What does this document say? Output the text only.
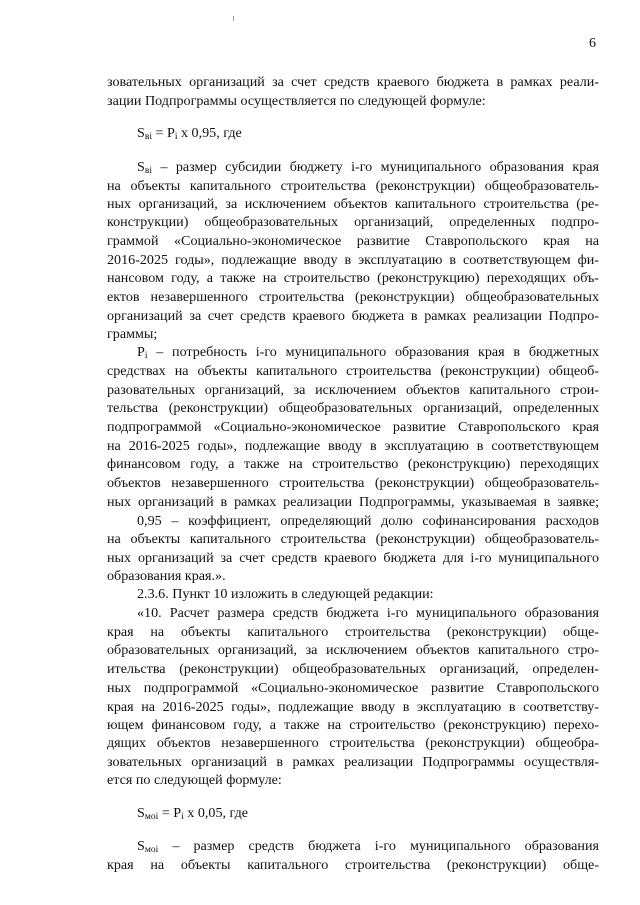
6
зовательных организаций за счет средств краевого бюджета в рамках реали-
зации Подпрограммы осуществляется по следующей формуле:
$S_{вi} = P_i$ x 0,95, где
$S_{вi}$ – размер субсидии бюджету i-го муниципального образования края
на объекты капитального строительства (реконструкции) общеобразователь-
ных организаций, за исключением объектов капитального строительства (ре-
конструкции) общеобразовательных организаций, определенных подпро-
граммой «Социально-экономическое развитие Ставропольского края на
2016-2025 годы», подлежащие вводу в эксплуатацию в соответствующем фи-
нансовом году, а также на строительство (реконструкцию) переходящих объ-
ектов незавершенного строительства (реконструкции) общеобразовательных
организаций за счет средств краевого бюджета в рамках реализации Подпро-
граммы;
$P_i$ – потребность i-го муниципального образования края в бюджетных
средствах на объекты капитального строительства (реконструкции) общеоб-
разовательных организаций, за исключением объектов капитального строи-
тельства (реконструкции) общеобразовательных организаций, определенных
подпрограммой «Социально-экономическое развитие Ставропольского края
на 2016-2025 годы», подлежащие вводу в эксплуатацию в соответствующем
финансовом году, а также на строительство (реконструкцию) переходящих
объектов незавершенного строительства (реконструкции) общеобразователь-
ных организаций в рамках реализации Подпрограммы, указываемая в заявке;
0,95 – коэффициент, определяющий долю софинансирования расходов
на объекты капитального строительства (реконструкции) общеобразователь-
ных организаций за счет средств краевого бюджета для i-го муниципального
образования края.».
2.3.6. Пункт 10 изложить в следующей редакции:
«10. Расчет размера средств бюджета i-го муниципального образования
края на объекты капитального строительства (реконструкции) обще-
образовательных организаций, за исключением объектов капитального стро-
ительства (реконструкции) общеобразовательных организаций, определен-
ных подпрограммой «Социально-экономическое развитие Ставропольского
края на 2016-2025 годы», подлежащие вводу в эксплуатацию в соответству-
ющем финансовом году, а также на строительство (реконструкцию) перехо-
дящих объектов незавершенного строительства (реконструкции) общеобра-
зовательных организаций в рамках реализации Подпрограммы осуществля-
ется по следующей формуле:
$S_{мoi} = P_i$ x 0,05, где
$S_{мoi}$ – размер средств бюджета i-го муниципального образования
края на объекты капитального строительства (реконструкции) обще-
